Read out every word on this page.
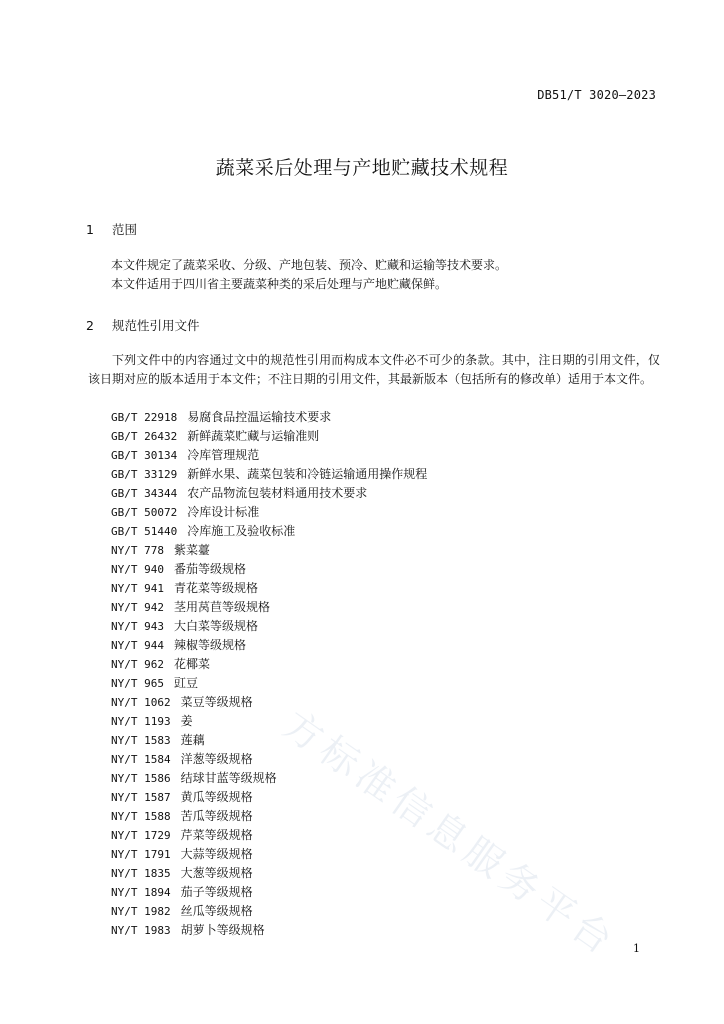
DB51/T 3020—2023
蔬菜采后处理与产地贮藏技术规程
1 范围
本文件规定了蔬菜采收、分级、产地包装、预冷、贮藏和运输等技术要求。
本文件适用于四川省主要蔬菜种类的采后处理与产地贮藏保鲜。
2 规范性引用文件
下列文件中的内容通过文中的规范性引用而构成本文件必不可少的条款。其中，注日期的引用文件，仅该日期对应的版本适用于本文件；不注日期的引用文件，其最新版本（包括所有的修改单）适用于本文件。
GB/T 22918 易腐食品控温运输技术要求
GB/T 26432 新鲜蔬菜贮藏与运输准则
GB/T 30134 冷库管理规范
GB/T 33129 新鲜水果、蔬菜包装和冷链运输通用操作规程
GB/T 34344 农产品物流包装材料通用技术要求
GB/T 50072 冷库设计标准
GB/T 51440 冷库施工及验收标准
NY/T 778 紫菜薹
NY/T 940 番茄等级规格
NY/T 941 青花菜等级规格
NY/T 942 茎用莴苣等级规格
NY/T 943 大白菜等级规格
NY/T 944 辣椒等级规格
NY/T 962 花椰菜
NY/T 965 豇豆
NY/T 1062 菜豆等级规格
NY/T 1193 姜
NY/T 1583 莲藕
NY/T 1584 洋葱等级规格
NY/T 1586 结球甘蓝等级规格
NY/T 1587 黄瓜等级规格
NY/T 1588 苦瓜等级规格
NY/T 1729 芹菜等级规格
NY/T 1791 大蒜等级规格
NY/T 1835 大葱等级规格
NY/T 1894 茄子等级规格
NY/T 1982 丝瓜等级规格
NY/T 1983 胡萝卜等级规格 方标准信息服务平台 1
